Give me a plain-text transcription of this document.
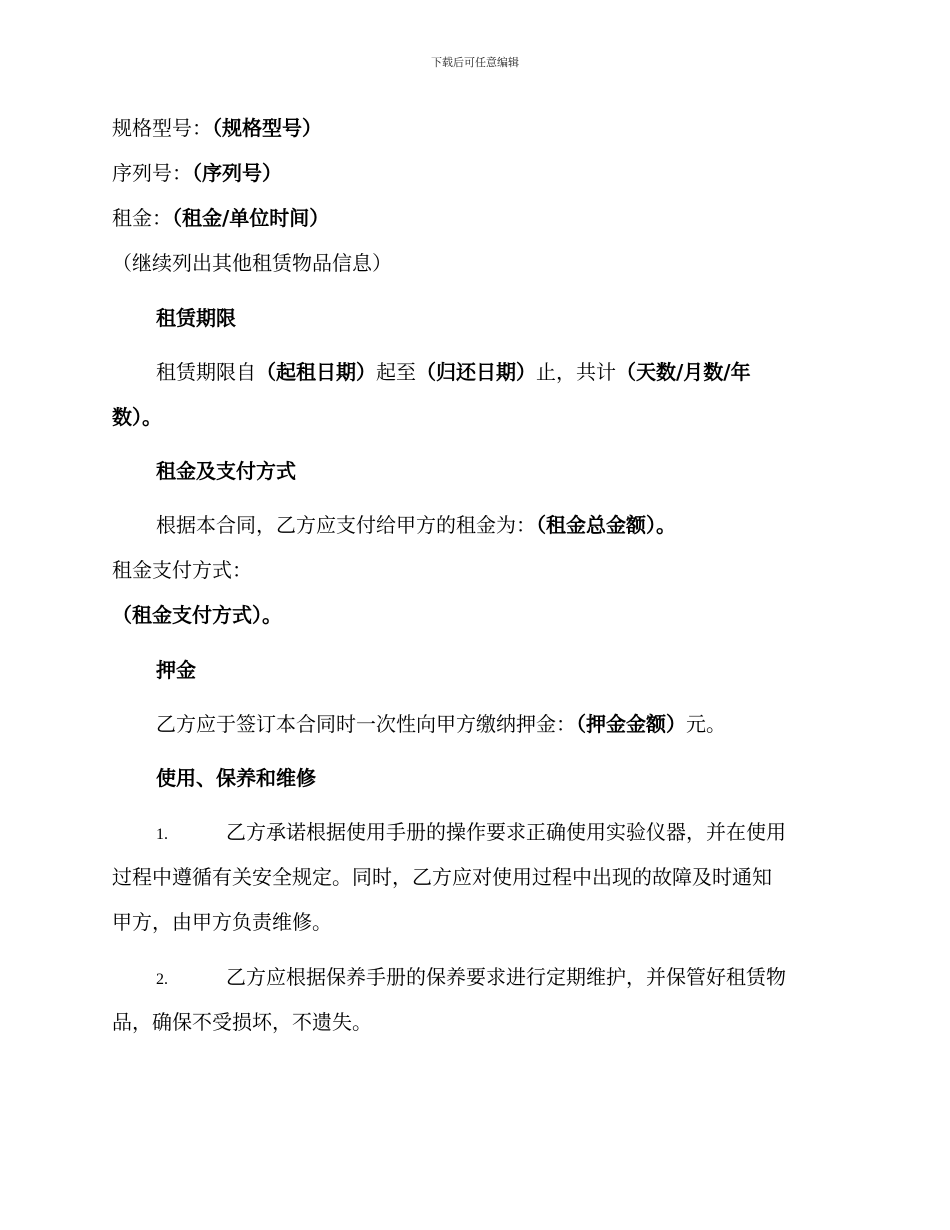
下载后可任意编辑
规格型号：（规格型号）
序列号：（序列号）
租金：（租金/单位时间）
（继续列出其他租赁物品信息）
租赁期限
租赁期限自（起租日期）起至（归还日期）止，共计（天数/月数/年
数）。
租金及支付方式
根据本合同，乙方应支付给甲方的租金为：（租金总金额）。
租金支付方式：
（租金支付方式）。
押金
乙方应于签订本合同时一次性向甲方缴纳押金：（押金金额）元。
使用、保养和维修
1.	乙方承诺根据使用手册的操作要求正确使用实验仪器，并在使用
过程中遵循有关安全规定。同时，乙方应对使用过程中出现的故障及时通知
甲方，由甲方负责维修。
2.	乙方应根据保养手册的保养要求进行定期维护，并保管好租赁物
品，确保不受损坏，不遗失。
